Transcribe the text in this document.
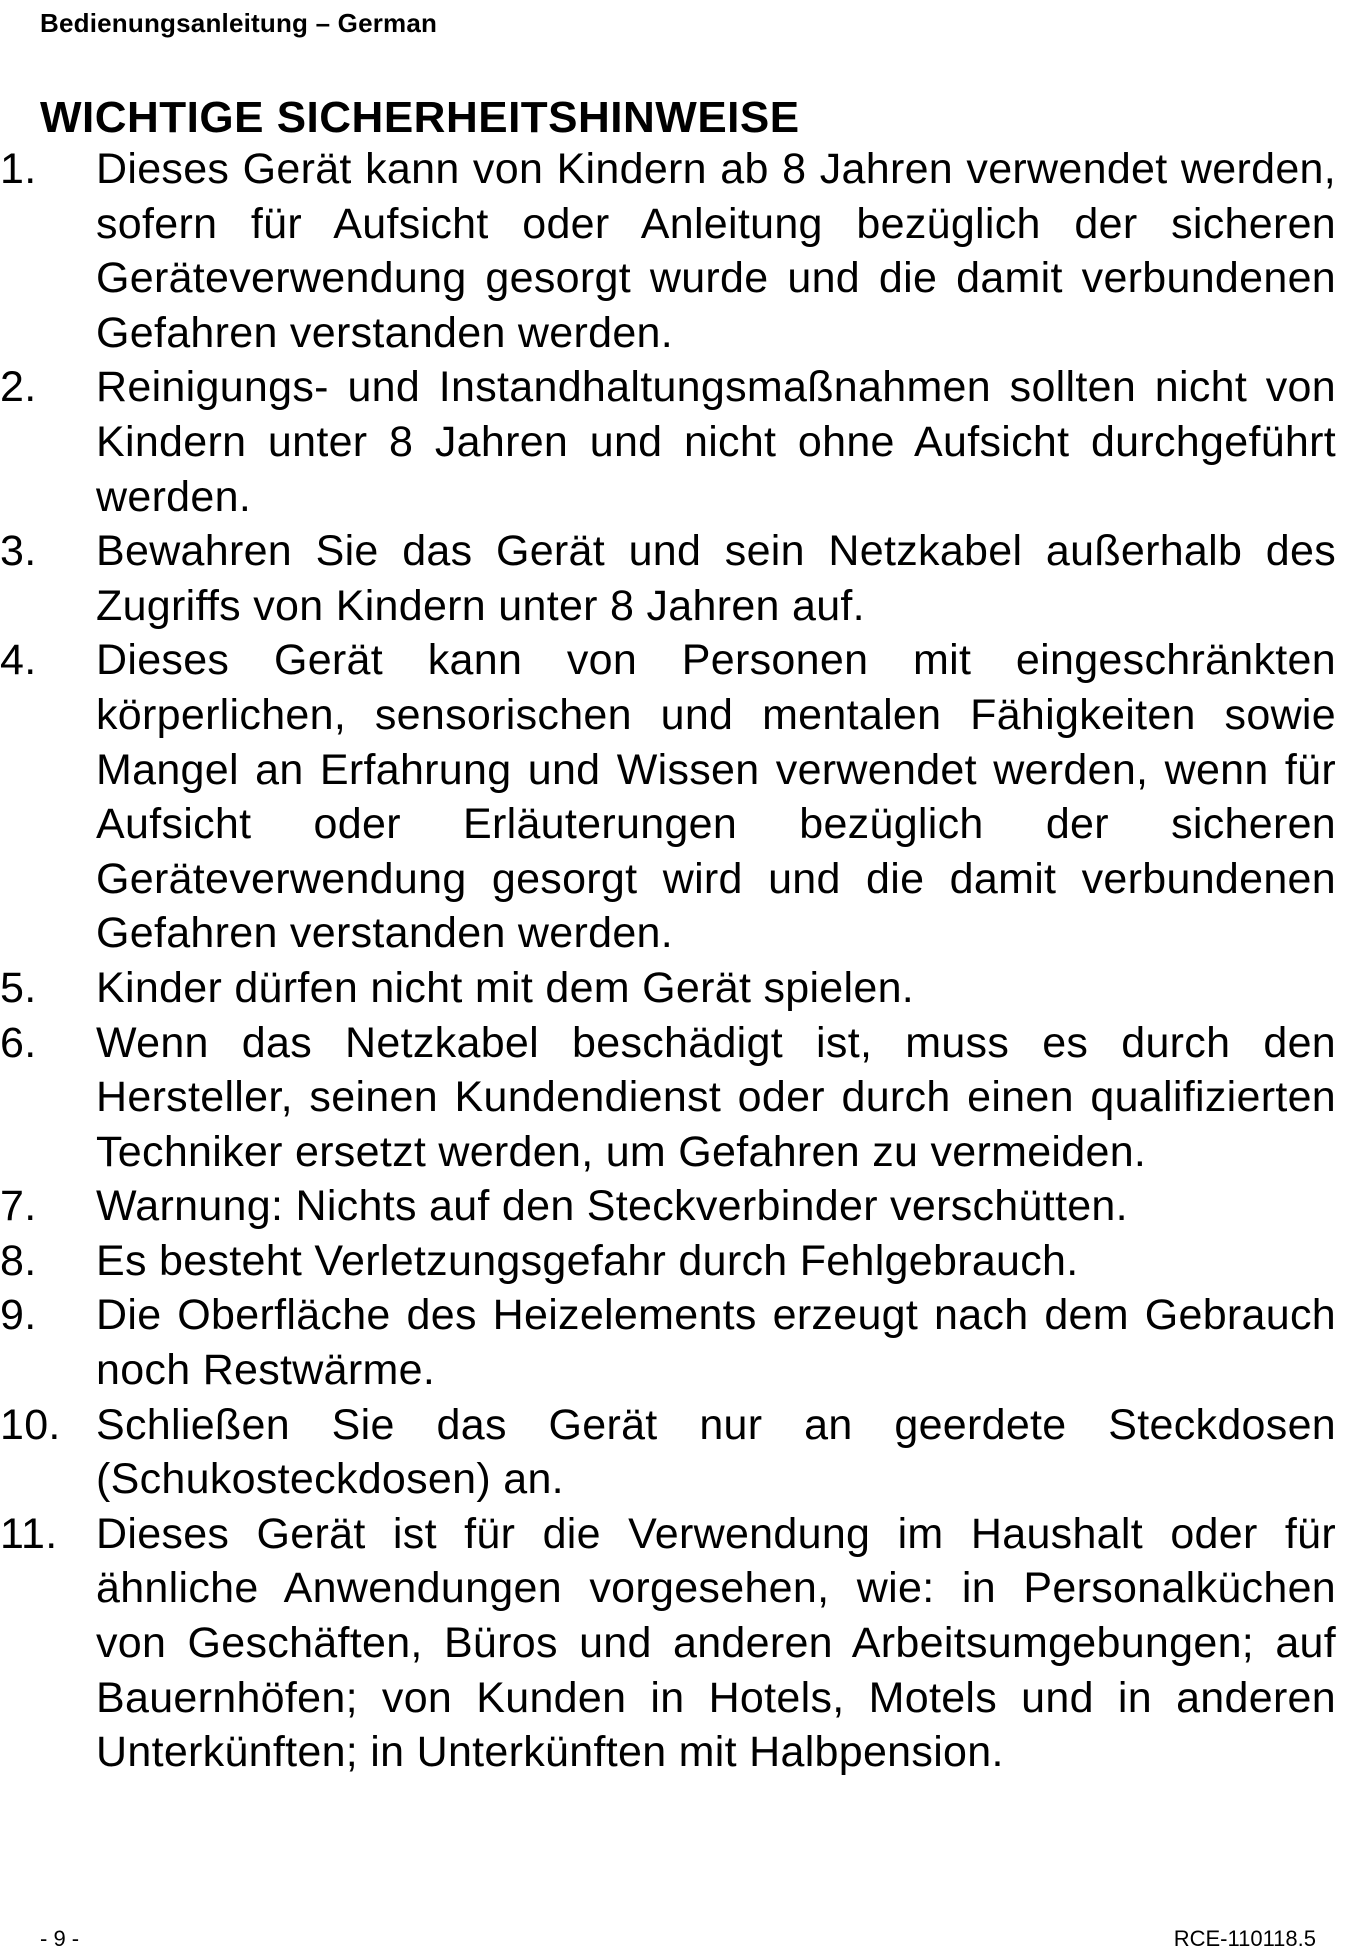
Bedienungsanleitung – German
WICHTIGE SICHERHEITSHINWEISE
1.	Dieses Gerät kann von Kindern ab 8 Jahren verwendet werden, sofern für Aufsicht oder Anleitung bezüglich der sicheren Geräteverwendung gesorgt wurde und die damit verbundenen Gefahren verstanden werden.
2.	Reinigungs- und Instandhaltungsmaßnahmen sollten nicht von Kindern unter 8 Jahren und nicht ohne Aufsicht durchgeführt werden.
3.	Bewahren Sie das Gerät und sein Netzkabel außerhalb des Zugriffs von Kindern unter 8 Jahren auf.
4.	Dieses Gerät kann von Personen mit eingeschränkten körperlichen, sensorischen und mentalen Fähigkeiten sowie Mangel an Erfahrung und Wissen verwendet werden, wenn für Aufsicht oder Erläuterungen bezüglich der sicheren Geräteverwendung gesorgt wird und die damit verbundenen Gefahren verstanden werden.
5.	Kinder dürfen nicht mit dem Gerät spielen.
6.	Wenn das Netzkabel beschädigt ist, muss es durch den Hersteller, seinen Kundendienst oder durch einen qualifizierten Techniker ersetzt werden, um Gefahren zu vermeiden.
7.	Warnung: Nichts auf den Steckverbinder verschütten.
8.	Es besteht Verletzungsgefahr durch Fehlgebrauch.
9.	Die Oberfläche des Heizelements erzeugt nach dem Gebrauch noch Restwärme.
10. Schließen Sie das Gerät nur an geerdete Steckdosen (Schukosteckdosen) an.
11. Dieses Gerät ist für die Verwendung im Haushalt oder für ähnliche Anwendungen vorgesehen, wie: in Personalküchen von Geschäften, Büros und anderen Arbeitsumgebungen; auf Bauernhöfen; von Kunden in Hotels, Motels und in anderen Unterkünften; in Unterkünften mit Halbpension.
- 9 -	RCE-110118.5
